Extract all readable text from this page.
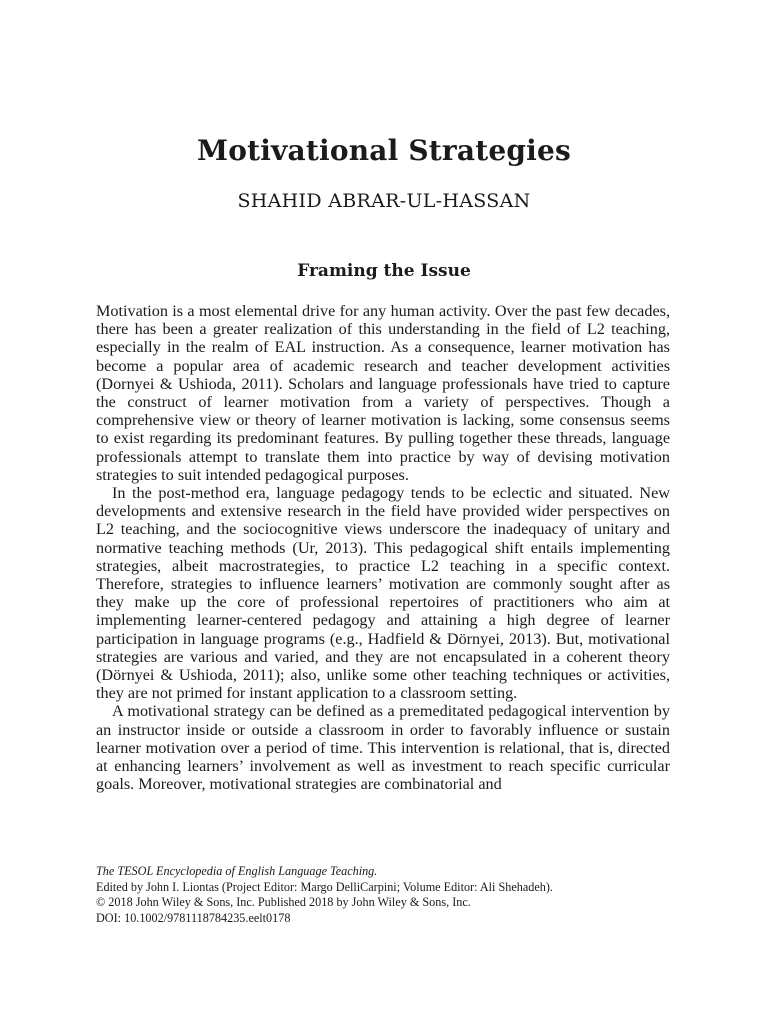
Motivational Strategies
SHAHID ABRAR-UL-HASSAN
Framing the Issue

Motivation is a most elemental drive for any human activity. Over the past few decades, there has been a greater realization of this understanding in the field of L2 teaching, especially in the realm of EAL instruction. As a consequence, learner motivation has become a popular area of academic research and teacher development activities (Dornyei & Ushioda, 2011). Scholars and language professionals have tried to capture the construct of learner motivation from a variety of perspectives. Though a comprehensive view or theory of learner motivation is lacking, some consensus seems to exist regarding its predominant features. By pulling together these threads, language professionals attempt to translate them into practice by way of devising motivation strategies to suit intended pedagogical purposes.

In the post-method era, language pedagogy tends to be eclectic and situated. New developments and extensive research in the field have provided wider perspectives on L2 teaching, and the sociocognitive views underscore the inadequacy of unitary and normative teaching methods (Ur, 2013). This pedagogical shift entails implementing strategies, albeit macrostrategies, to practice L2 teaching in a specific context. Therefore, strategies to influence learners’ motivation are commonly sought after as they make up the core of professional repertoires of practitioners who aim at implementing learner-centered pedagogy and attaining a high degree of learner participation in language programs (e.g., Hadfield & Dörnyei, 2013). But, motivational strategies are various and varied, and they are not encapsulated in a coherent theory (Dörnyei & Ushioda, 2011); also, unlike some other teaching techniques or activities, they are not primed for instant application to a classroom setting.

A motivational strategy can be defined as a premeditated pedagogical intervention by an instructor inside or outside a classroom in order to favorably influence or sustain learner motivation over a period of time. This intervention is relational, that is, directed at enhancing learners’ involvement as well as investment to reach specific curricular goals. Moreover, motivational strategies are combinatorial and

The TESOL Encyclopedia of English Language Teaching.
Edited by John I. Liontas (Project Editor: Margo DelliCarpini; Volume Editor: Ali Shehadeh).
© 2018 John Wiley & Sons, Inc. Published 2018 by John Wiley & Sons, Inc.
DOI: 10.1002/9781118784235.eelt0178
